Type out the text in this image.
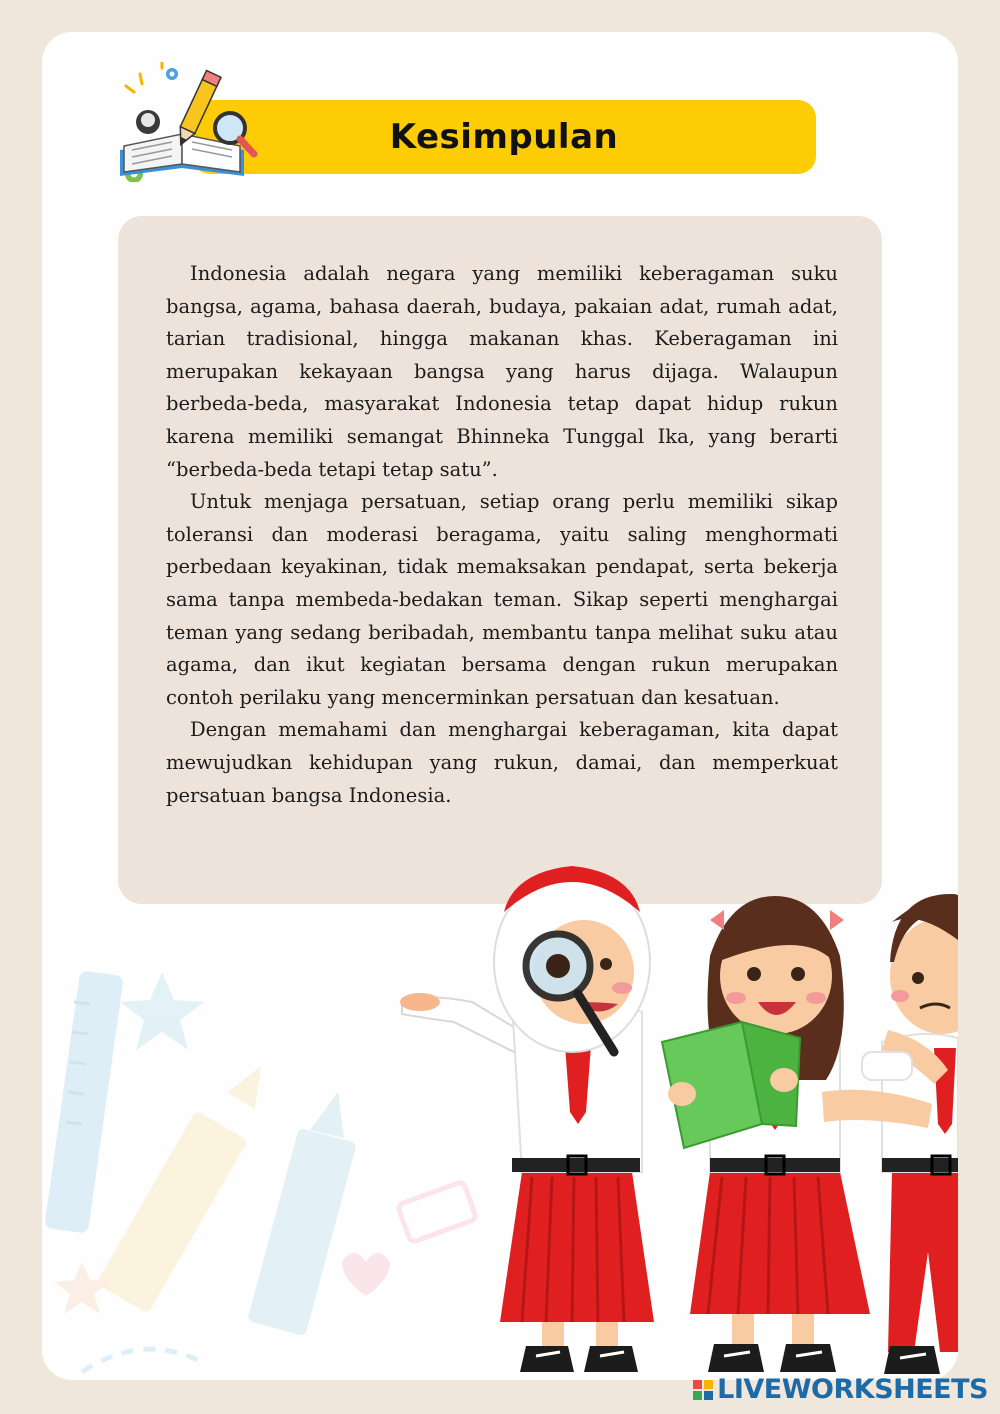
Kesimpulan

Indonesia adalah negara yang memiliki keberagaman suku bangsa, agama, bahasa daerah, budaya, pakaian adat, rumah adat, tarian tradisional, hingga makanan khas. Keberagaman ini merupakan kekayaan bangsa yang harus dijaga. Walaupun berbeda-beda, masyarakat Indonesia tetap dapat hidup rukun karena memiliki semangat Bhinneka Tunggal Ika, yang berarti “berbeda-beda tetapi tetap satu”.

Untuk menjaga persatuan, setiap orang perlu memiliki sikap toleransi dan moderasi beragama, yaitu saling menghormati perbedaan keyakinan, tidak memaksakan pendapat, serta bekerja sama tanpa membeda-bedakan teman. Sikap seperti menghargai teman yang sedang beribadah, membantu tanpa melihat suku atau agama, dan ikut kegiatan bersama dengan rukun merupakan contoh perilaku yang mencerminkan persatuan dan kesatuan.

Dengan memahami dan menghargai keberagaman, kita dapat mewujudkan kehidupan yang rukun, damai, dan memperkuat persatuan bangsa Indonesia.

LIVEWORKSHEETS
